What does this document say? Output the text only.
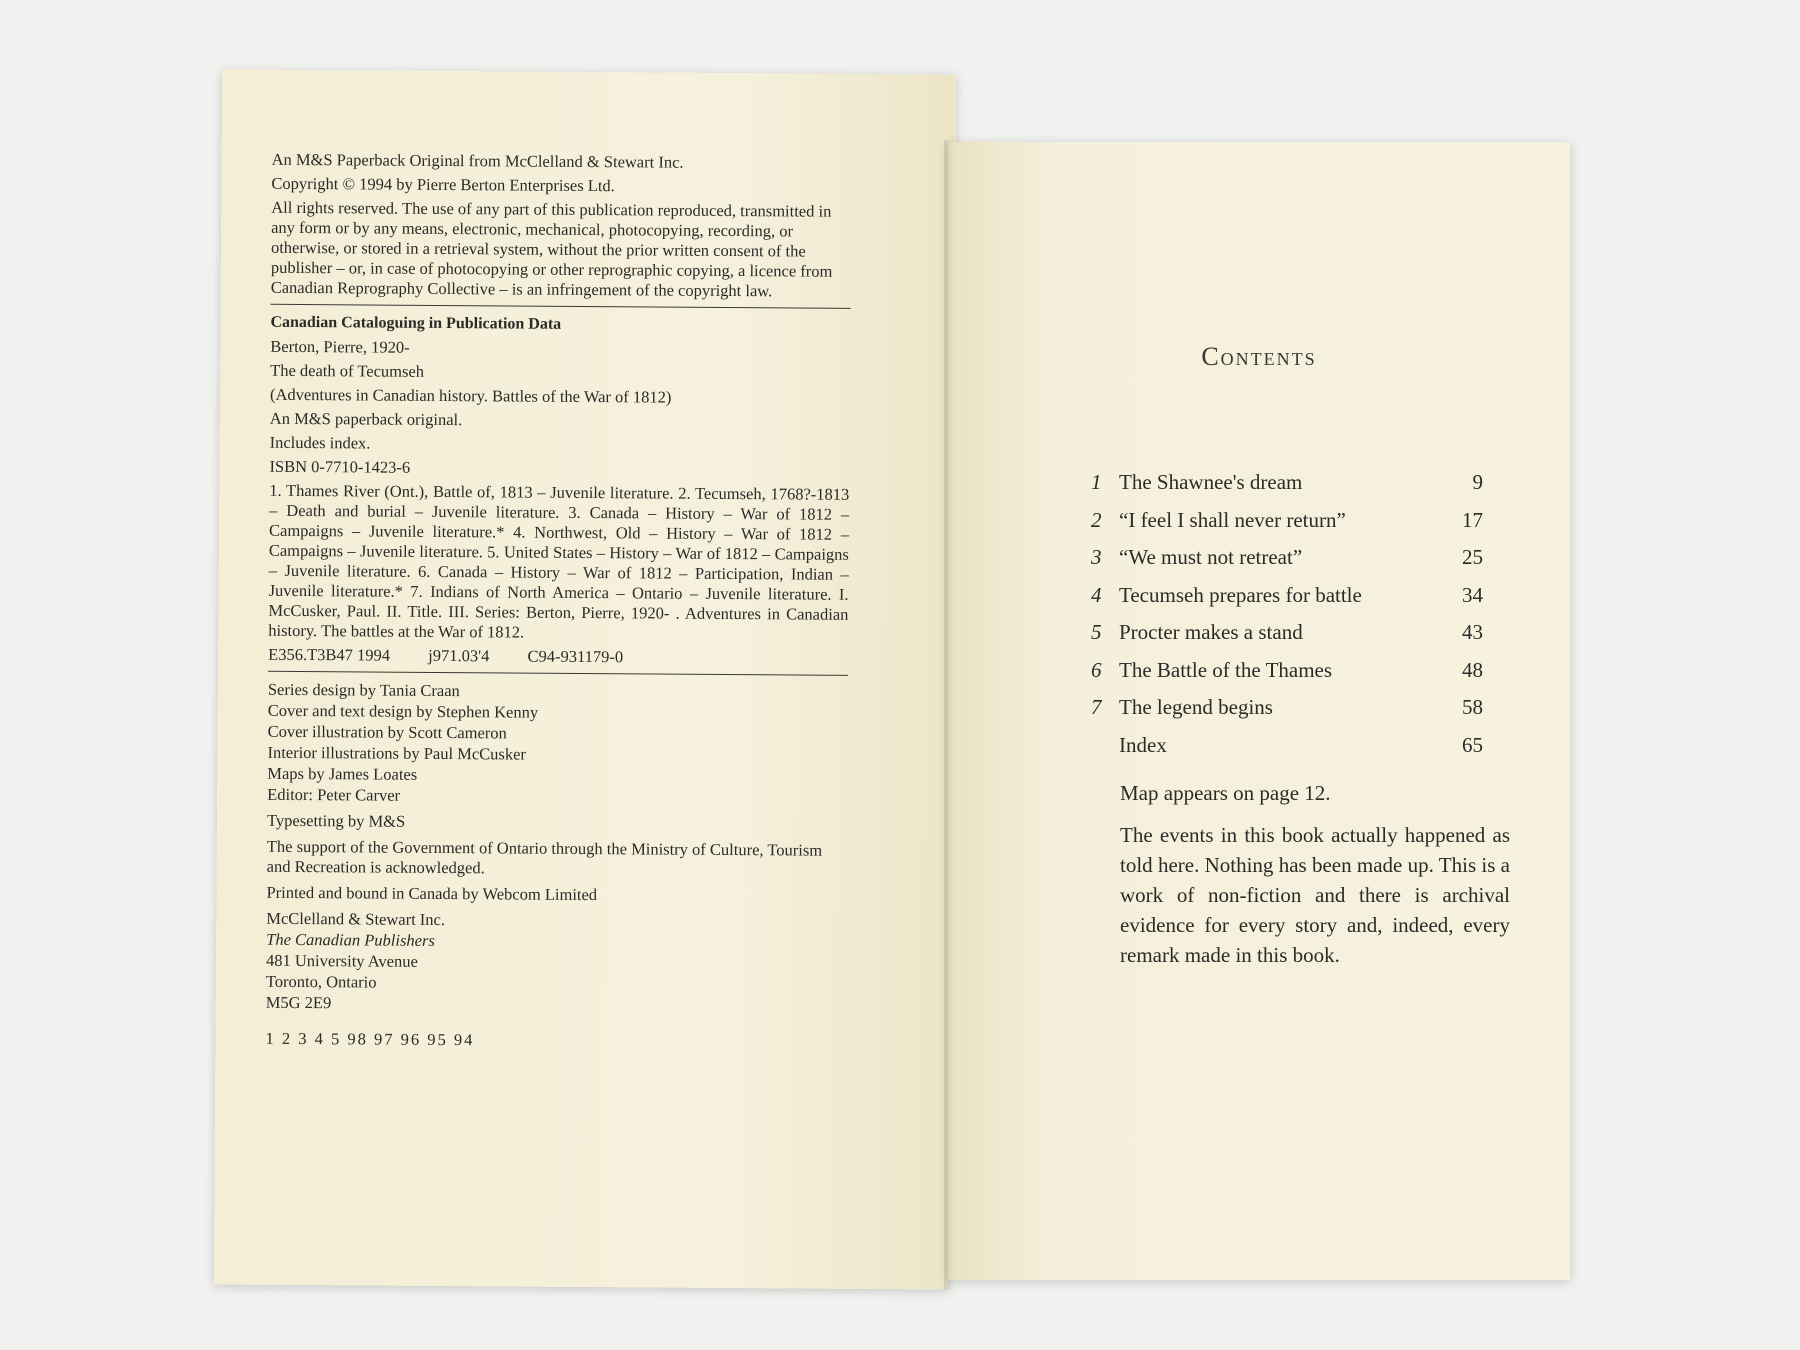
An M&S Paperback Original from McClelland & Stewart Inc.

Copyright © 1994 by Pierre Berton Enterprises Ltd.

All rights reserved. The use of any part of this publication reproduced, transmitted in any form or by any means, electronic, mechanical, photocopying, recording, or otherwise, or stored in a retrieval system, without the prior written consent of the publisher – or, in case of photocopying or other reprographic copying, a licence from Canadian Reprography Collective – is an infringement of the copyright law.

Canadian Cataloguing in Publication Data

Berton, Pierre, 1920-

The death of Tecumseh

(Adventures in Canadian history. Battles of the War of 1812)

An M&S paperback original.

Includes index.

ISBN 0-7710-1423-6

1. Thames River (Ont.), Battle of, 1813 – Juvenile literature. 2. Tecumseh, 1768?-1813 – Death and burial – Juvenile literature. 3. Canada – History – War of 1812 – Campaigns – Juvenile literature.* 4. Northwest, Old – History – War of 1812 – Campaigns – Juvenile literature. 5. United States – History – War of 1812 – Campaigns – Juvenile literature. 6. Canada – History – War of 1812 – Participation, Indian – Juvenile literature.* 7. Indians of North America – Ontario – Juvenile literature. I. McCusker, Paul. II. Title. III. Series: Berton, Pierre, 1920- . Adventures in Canadian history. The battles at the War of 1812.

E356.T3B47 1994 j971.03'4 C94-931179-0

Series design by Tania Craan

Cover and text design by Stephen Kenny

Cover illustration by Scott Cameron

Interior illustrations by Paul McCusker

Maps by James Loates

Editor: Peter Carver

Typesetting by M&S

The support of the Government of Ontario through the Ministry of Culture, Tourism and Recreation is acknowledged.

Printed and bound in Canada by Webcom Limited

McClelland & Stewart Inc.

The Canadian Publishers

481 University Avenue

Toronto, Ontario

M5G 2E9

1 2 3 4 5 98 97 96 95 94

Contents
1 The Shawnee's dream	9
2 “I feel I shall never return”	17
3 “We must not retreat”	25
4 Tecumseh prepares for battle	34
5 Procter makes a stand	43
6 The Battle of the Thames	48
7 The legend begins	58
Index	65
Map appears on page 12.
The events in this book actually happened as told here. Nothing has been made up. This is a work of non-fiction and there is archival evidence for every story and, indeed, every remark made in this book.
